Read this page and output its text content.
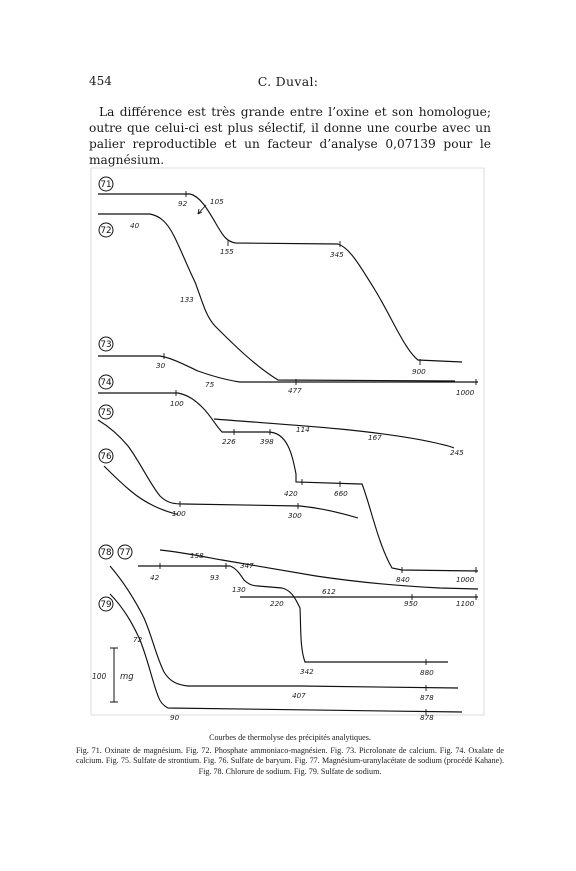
454	C. Duval:

La différence est très grande entre l’oxine et son homologue; outre que celui-ci est plus sélectif, il donne une courbe avec un palier reproductible et un facteur d’analyse 0,07139 pour le magnésium.

100 mg
71
72
73
74
75
76
77
78
79
92	105
155	345
40
133
900
1000
477
30
75
100
226	398
114
167
245
420	660
100	300
158
347
42	93
130
220
612
840	1000
950	1100
72
342	880
407	878
90	878
Courbes de thermolyse des précipités analytiques.
Fig. 71. Oxinate de magnésium. Fig. 72. Phosphate ammoniaco-magnésien. Fig. 73. Picrolonate de calcium. Fig. 74. Oxalate de calcium. Fig. 75. Sulfate de strontium. Fig. 76. Sulfate de baryum. Fig. 77. Magnésium-uranylacétate de sodium (procédé Kahane). Fig. 78. Chlorure de sodium. Fig. 79. Sulfate de sodium.
